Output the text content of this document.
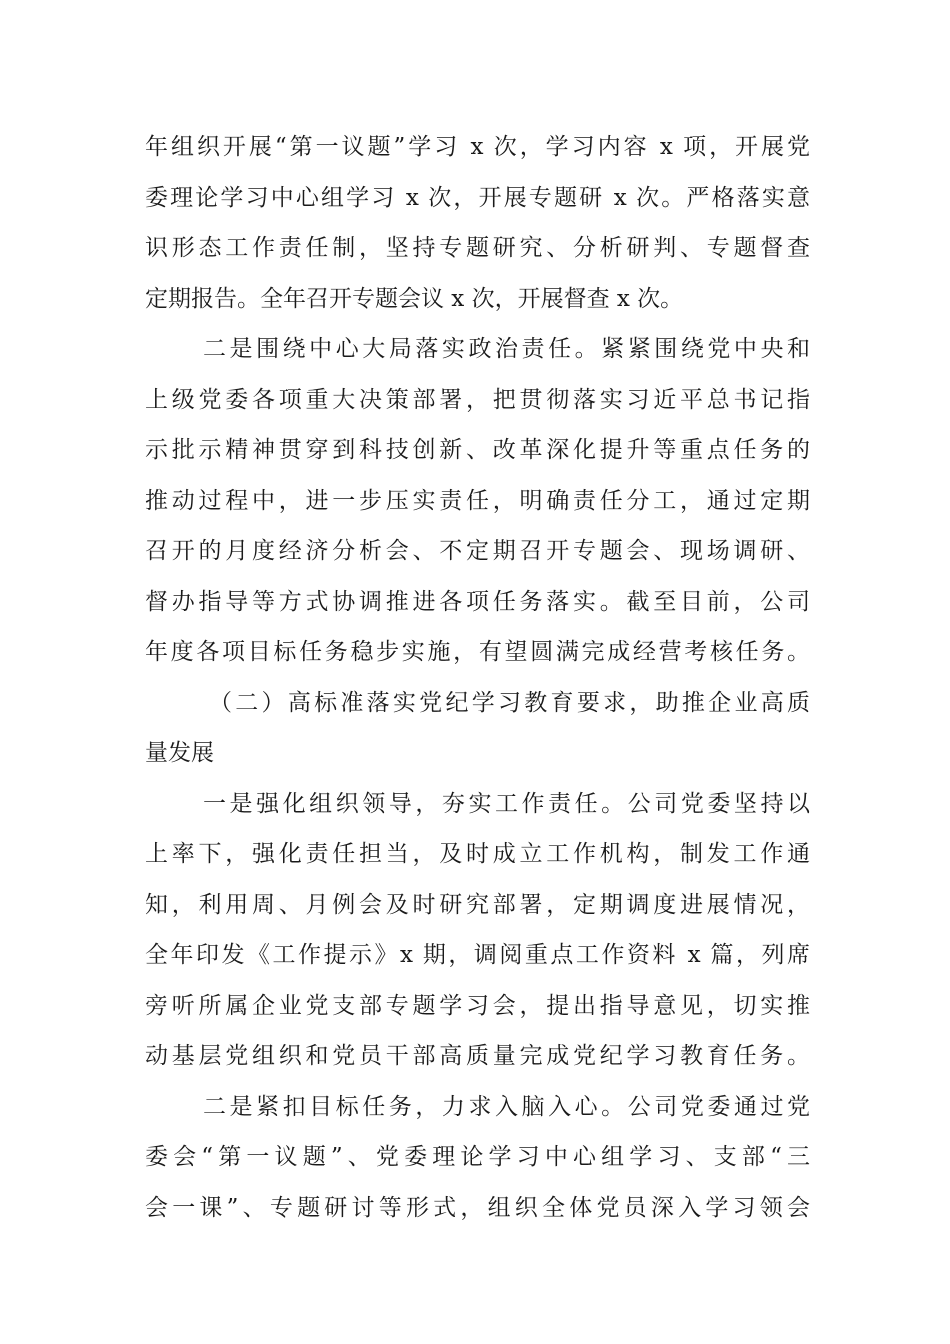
年组织开展“第一议题”学习 x 次，学习内容 x 项，开展党
委理论学习中心组学习 x 次，开展专题研 x 次。严格落实意
识形态工作责任制，坚持专题研究、分析研判、专题督查
定期报告。全年召开专题会议 x 次，开展督查 x 次。
二是围绕中心大局落实政治责任。紧紧围绕党中央和
上级党委各项重大决策部署，把贯彻落实习近平总书记指
示批示精神贯穿到科技创新、改革深化提升等重点任务的
推动过程中，进一步压实责任，明确责任分工，通过定期
召开的月度经济分析会、不定期召开专题会、现场调研、
督办指导等方式协调推进各项任务落实。截至目前，公司
年度各项目标任务稳步实施，有望圆满完成经营考核任务。
（二）高标准落实党纪学习教育要求，助推企业高质
量发展
一是强化组织领导，夯实工作责任。公司党委坚持以
上率下，强化责任担当，及时成立工作机构，制发工作通
知，利用周、月例会及时研究部署，定期调度进展情况，
全年印发《工作提示》x 期，调阅重点工作资料 x 篇，列席
旁听所属企业党支部专题学习会，提出指导意见，切实推
动基层党组织和党员干部高质量完成党纪学习教育任务。
二是紧扣目标任务，力求入脑入心。公司党委通过党
委会“第一议题”、党委理论学习中心组学习、支部“三
会一课”、专题研讨等形式，组织全体党员深入学习领会
